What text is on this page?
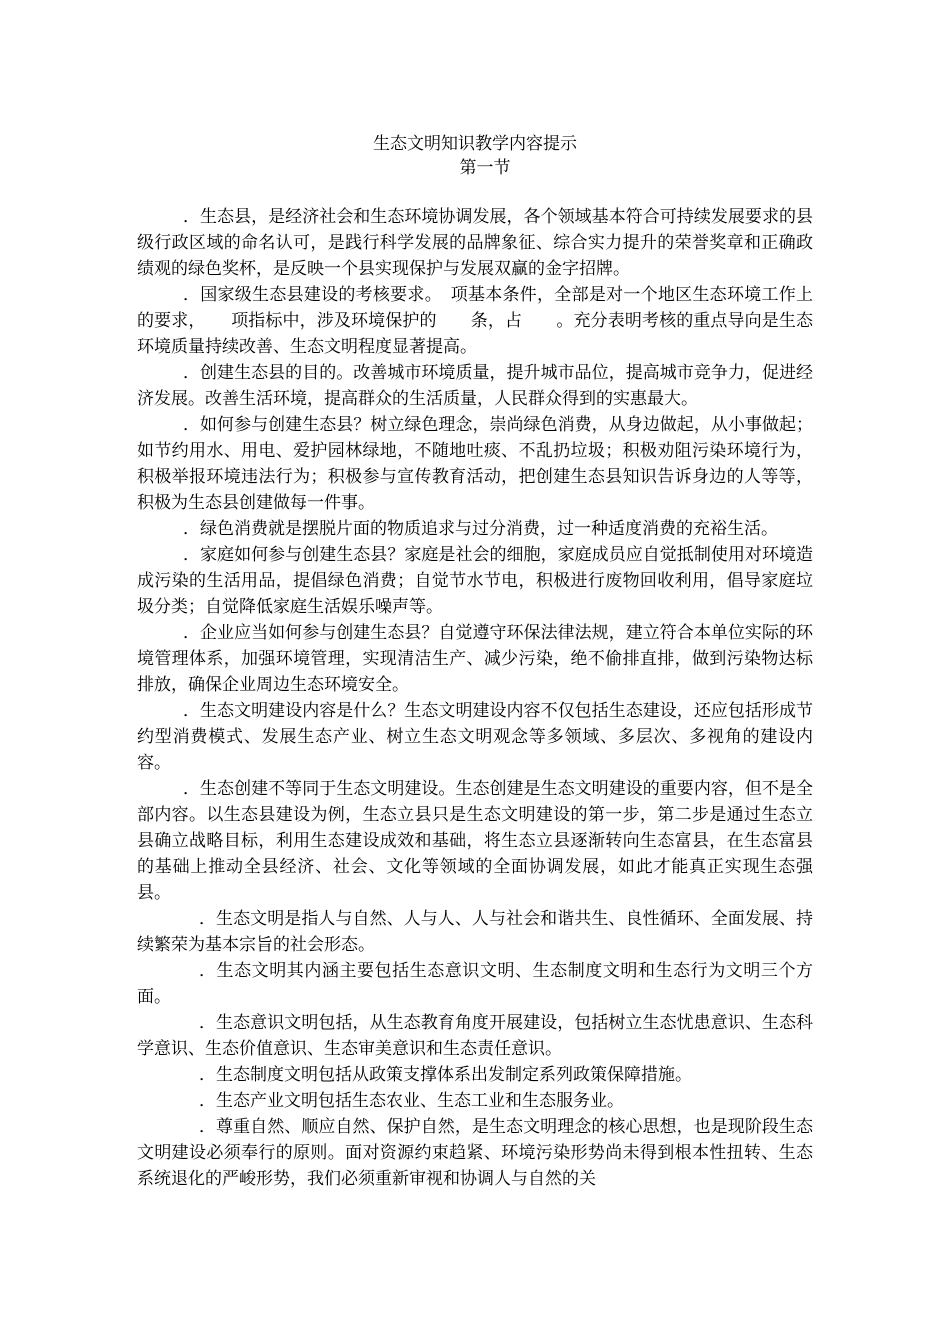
生态文明知识教学内容提示
第一节

．生态县，是经济社会和生态环境协调发展，各个领域基本符合可持续发展要求的县级行政区域的命名认可，是践行科学发展的品牌象征、综合实力提升的荣誉奖章和正确政绩观的绿色奖杯，是反映一个县实现保护与发展双赢的金字招牌。

．国家级生态县建设的考核要求。　项基本条件，全部是对一个地区生态环境工作上的要求，　　项指标中，涉及环境保护的　　条，占　　。充分表明考核的重点导向是生态环境质量持续改善、生态文明程度显著提高。

．创建生态县的目的。改善城市环境质量，提升城市品位，提高城市竞争力，促进经济发展。改善生活环境，提高群众的生活质量，人民群众得到的实惠最大。

．如何参与创建生态县？树立绿色理念，崇尚绿色消费，从身边做起，从小事做起；如节约用水、用电、爱护园林绿地，不随地吐痰、不乱扔垃圾；积极劝阻污染环境行为，积极举报环境违法行为；积极参与宣传教育活动，把创建生态县知识告诉身边的人等等，积极为生态县创建做每一件事。

．绿色消费就是摆脱片面的物质追求与过分消费，过一种适度消费的充裕生活。

．家庭如何参与创建生态县？家庭是社会的细胞，家庭成员应自觉抵制使用对环境造成污染的生活用品，提倡绿色消费；自觉节水节电，积极进行废物回收利用，倡导家庭垃圾分类；自觉降低家庭生活娱乐噪声等。

．企业应当如何参与创建生态县？自觉遵守环保法律法规，建立符合本单位实际的环境管理体系，加强环境管理，实现清洁生产、减少污染，绝不偷排直排，做到污染物达标排放，确保企业周边生态环境安全。

．生态文明建设内容是什么？生态文明建设内容不仅包括生态建设，还应包括形成节约型消费模式、发展生态产业、树立生态文明观念等多领域、多层次、多视角的建设内容。

．生态创建不等同于生态文明建设。生态创建是生态文明建设的重要内容，但不是全部内容。以生态县建设为例，生态立县只是生态文明建设的第一步，第二步是通过生态立县确立战略目标，利用生态建设成效和基础，将生态立县逐渐转向生态富县，在生态富县的基础上推动全县经济、社会、文化等领域的全面协调发展，如此才能真正实现生态强县。

．生态文明是指人与自然、人与人、人与社会和谐共生、良性循环、全面发展、持续繁荣为基本宗旨的社会形态。

．生态文明其内涵主要包括生态意识文明、生态制度文明和生态行为文明三个方面。

．生态意识文明包括，从生态教育角度开展建设，包括树立生态忧患意识、生态科学意识、生态价值意识、生态审美意识和生态责任意识。

．生态制度文明包括从政策支撑体系出发制定系列政策保障措施。

．生态产业文明包括生态农业、生态工业和生态服务业。

．尊重自然、顺应自然、保护自然，是生态文明理念的核心思想，也是现阶段生态文明建设必须奉行的原则。面对资源约束趋紧、环境污染形势尚未得到根本性扭转、生态系统退化的严峻形势，我们必须重新审视和协调人与自然的关
